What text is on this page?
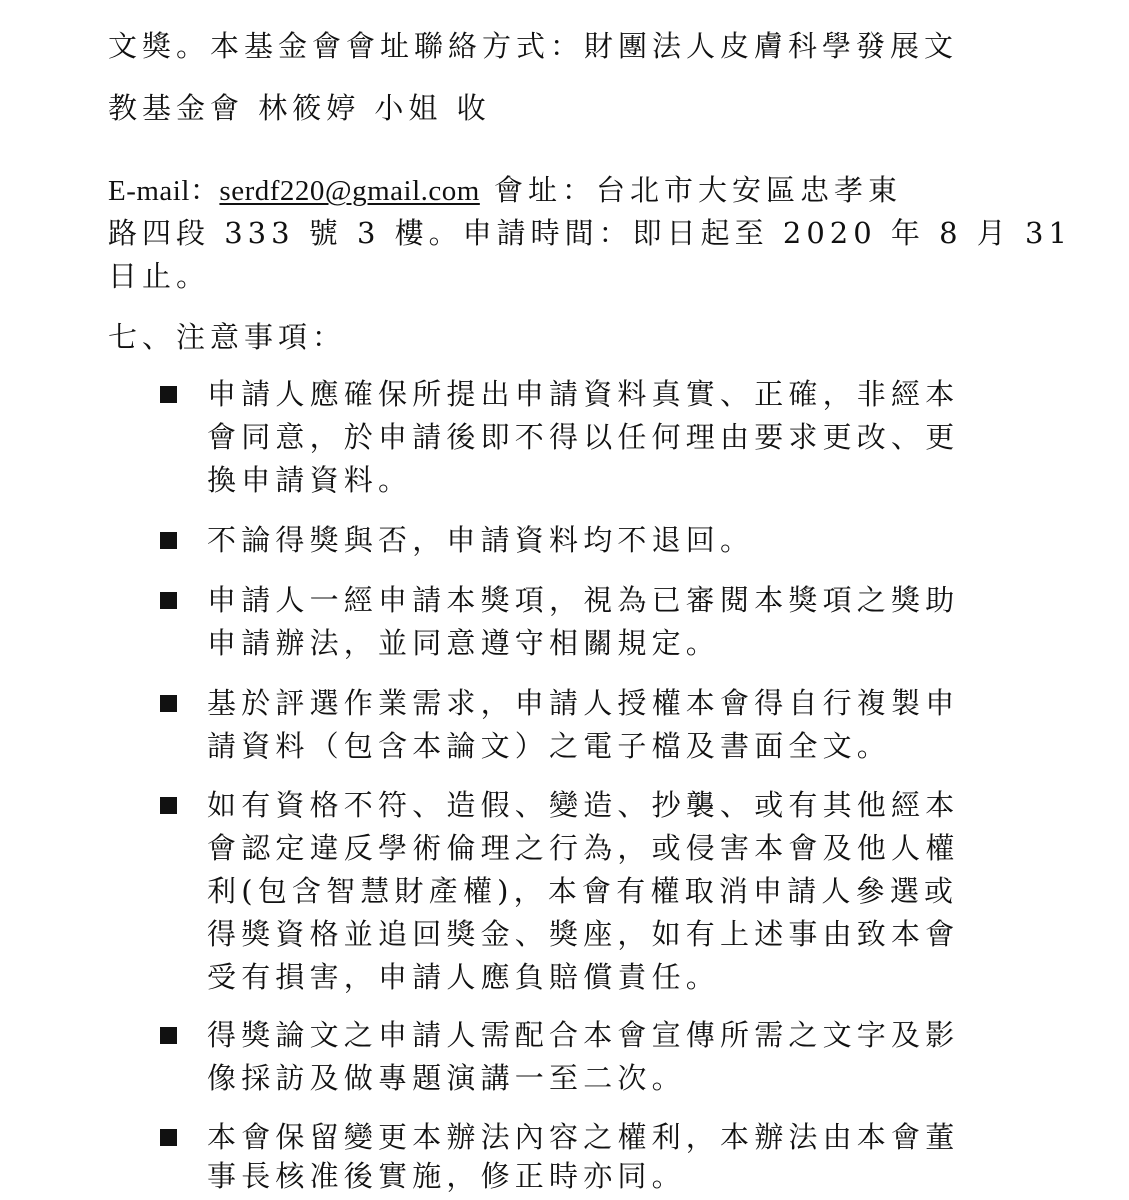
文獎。本基金會會址聯絡方式：財團法人皮膚科學發展文
教基金會 林筱婷 小姐 收
E-mail：serdf220@gmail.com 會址：台北市大安區忠孝東
路四段 333 號 3 樓。申請時間：即日起至 2020 年 8 月 31
日止。
七、注意事項：
申請人應確保所提出申請資料真實、正確，非經本
會同意，於申請後即不得以任何理由要求更改、更
換申請資料。
不論得獎與否，申請資料均不退回。
申請人一經申請本獎項，視為已審閱本獎項之獎助
申請辦法，並同意遵守相關規定。
基於評選作業需求，申請人授權本會得自行複製申
請資料（包含本論文）之電子檔及書面全文。
如有資格不符、造假、變造、抄襲、或有其他經本
會認定違反學術倫理之行為，或侵害本會及他人權
利(包含智慧財產權)，本會有權取消申請人參選或
得獎資格並追回獎金、獎座，如有上述事由致本會
受有損害，申請人應負賠償責任。
得獎論文之申請人需配合本會宣傳所需之文字及影
像採訪及做專題演講一至二次。
本會保留變更本辦法內容之權利，本辦法由本會董
事長核准後實施，修正時亦同。
